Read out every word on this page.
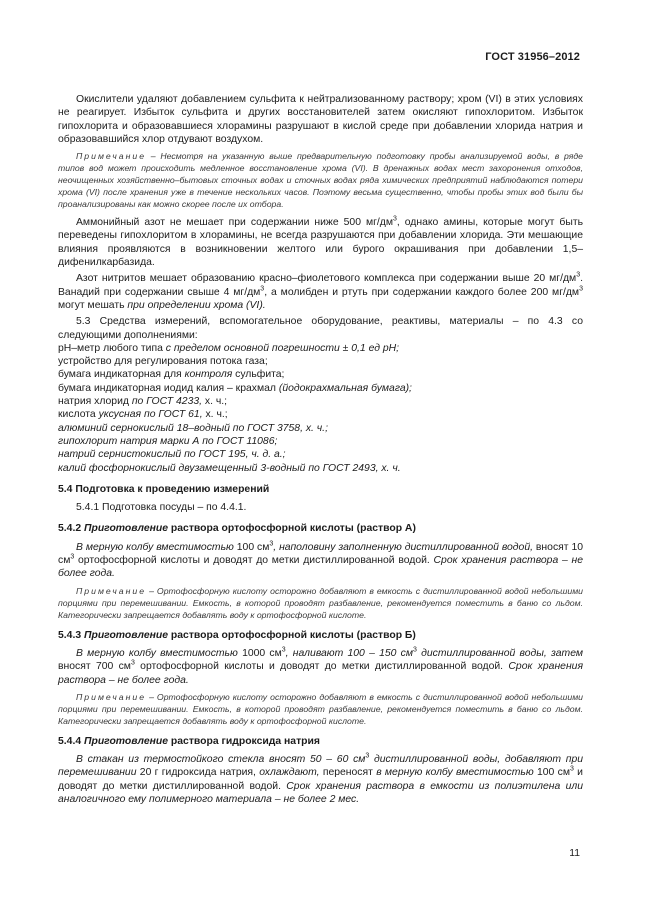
ГОСТ 31956–2012

Окислители удаляют добавлением сульфита к нейтрализованному раствору; хром (VI) в этих условиях не реагирует. Избыток сульфита и других восстановителей затем окисляют гипохлоритом. Избыток гипохлорита и образовавшиеся хлорамины разрушают в кислой среде при добавлении хлорида натрия и образовавшийся хлор отдувают воздухом.

Примечание – Несмотря на указанную выше предварительную подготовку пробы анализируемой воды, в ряде типов вод может происходить медленное восстановление хрома (VI). В дренажных водах мест захоронения отходов, неочищенных хозяйственно–бытовых сточных водах и сточных водах ряда химических предприятий наблюдаются потери хрома (VI) после хранения уже в течение нескольких часов. Поэтому весьма существенно, чтобы пробы этих вод были бы проанализированы как можно скорее после их отбора.

Аммонийный азот не мешает при содержании ниже 500 $мг/дм^3$, однако амины, которые могут быть переведены гипохлоритом в хлорамины, не всегда разрушаются при добавлении хлорида. Эти мешающие влияния проявляются в возникновении желтого или бурого окрашивания при добавлении 1,5–дифенилкарбазида.

Азот нитритов мешает образованию красно–фиолетового комплекса при содержании выше 20 $мг/дм^3$. Ванадий при содержании свыше 4 $мг/дм^3$, а молибден и ртуть при содержании каждого более 200 $мг/дм^3$ могут мешать при определении хрома (VI).

5.3 Средства измерений, вспомогательное оборудование, реактивы, материалы – по 4.3 со следующими дополнениями:

pH–метр любого типа с пределом основной погрешности ± 0,1 ед pH;
устройство для регулирования потока газа;
бумага индикаторная для контроля сульфита;
бумага индикаторная иодид калия – крахмал (йодокрахмальная бумага);
натрия хлорид по ГОСТ 4233, х. ч.;
кислота уксусная по ГОСТ 61, х. ч.;
алюминий сернокислый 18–водный по ГОСТ 3758, х. ч.;
гипохлорит натрия марки А по ГОСТ 11086;
натрий сернистокислый по ГОСТ 195, ч. д. а.;
калий фосфорнокислый двузамещенный 3-водный по ГОСТ 2493, х. ч.
5.4 Подготовка к проведению измерений

5.4.1 Подготовка посуды – по 4.4.1.

5.4.2 Приготовление раствора ортофосфорной кислоты (раствор А)

В мерную колбу вместимостью 100 $см^3$, наполовину заполненную дистиллированной водой, вносят 10 $см^3$ ортофосфорной кислоты и доводят до метки дистиллированной водой. Срок хранения раствора – не более года.

Примечание – Ортофосфорную кислоту осторожно добавляют в емкость с дистиллированной водой небольшими порциями при перемешивании. Емкость, в которой проводят разбавление, рекомендуется поместить в баню со льдом. Категорически запрещается добавлять воду к ортофосфорной кислоте.

5.4.3 Приготовление раствора ортофосфорной кислоты (раствор Б)

В мерную колбу вместимостью 1000 $см^3$, наливают 100 – 150 $см^3$ дистиллированной воды, затем вносят 700 $см^3$ ортофосфорной кислоты и доводят до метки дистиллированной водой. Срок хранения раствора – не более года.

Примечание – Ортофосфорную кислоту осторожно добавляют в емкость с дистиллированной водой небольшими порциями при перемешивании. Емкость, в которой проводят разбавление, рекомендуется поместить в баню со льдом. Категорически запрещается добавлять воду к ортофосфорной кислоте.

5.4.4 Приготовление раствора гидроксида натрия

В стакан из термостойкого стекла вносят 50 – 60 $см^3$ дистиллированной воды, добавляют при перемешивании 20 г гидроксида натрия, охлаждают, переносят в мерную колбу вместимостью 100 $см^3$ и доводят до метки дистиллированной водой. Срок хранения раствора в емкости из полиэтилена или аналогичного ему полимерного материала – не более 2 мес.

11
